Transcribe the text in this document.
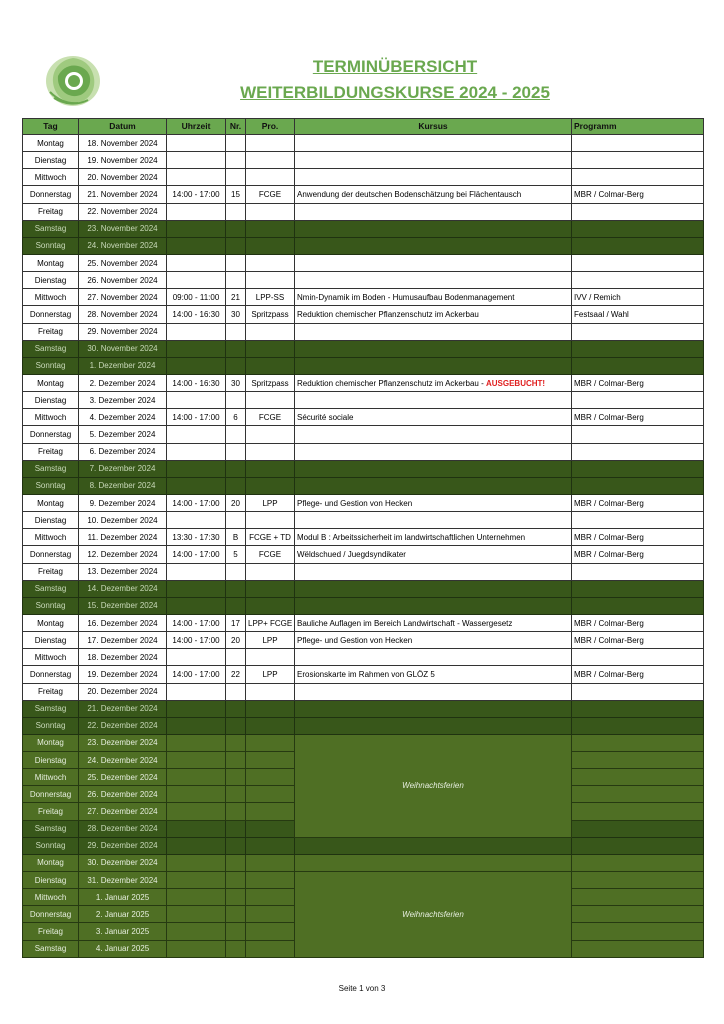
TERMINÜBERSICHT
WEITERBILDUNGSKURSE 2024 - 2025
Tag	Datum	Uhrzeit	Nr.	Pro.	Kursus	Programm
Montag	18. November 2024					
Dienstag	19. November 2024					
Mittwoch	20. November 2024					
Donnerstag	21. November 2024	14:00 - 17:00	15	FCGE	Anwendung der deutschen Bodenschätzung bei Flächentausch	MBR / Colmar-Berg
Freitag	22. November 2024					
Samstag	23. November 2024					
Sonntag	24. November 2024					
Montag	25. November 2024					
Dienstag	26. November 2024					
Mittwoch	27. November 2024	09:00 - 11:00	21	LPP-SS	Nmin-Dynamik im Boden - Humusaufbau Bodenmanagement	IVV / Remich
Donnerstag	28. November 2024	14:00 - 16:30	30	Spritzpass	Reduktion chemischer Pflanzenschutz im Ackerbau	Festsaal / Wahl
Freitag	29. November 2024					
Samstag	30. November 2024					
Sonntag	1. Dezember 2024					
Montag	2. Dezember 2024	14:00 - 16:30	30	Spritzpass	Reduktion chemischer Pflanzenschutz im Ackerbau - AUSGEBUCHT!	MBR / Colmar-Berg
Dienstag	3. Dezember 2024					
Mittwoch	4. Dezember 2024	14:00 - 17:00	6	FCGE	Sécurité sociale	MBR / Colmar-Berg
Donnerstag	5. Dezember 2024					
Freitag	6. Dezember 2024					
Samstag	7. Dezember 2024					
Sonntag	8. Dezember 2024					
Montag	9. Dezember 2024	14:00 - 17:00	20	LPP	Pflege- und Gestion von Hecken	MBR / Colmar-Berg
Dienstag	10. Dezember 2024					
Mittwoch	11. Dezember 2024	13:30 - 17:30	B	FCGE + TD	Modul B : Arbeitssicherheit im landwirtschaftlichen Unternehmen	MBR / Colmar-Berg
Donnerstag	12. Dezember 2024	14:00 - 17:00	5	FCGE	Wëldschued / Juegdsyndikater	MBR / Colmar-Berg
Freitag	13. Dezember 2024					
Samstag	14. Dezember 2024					
Sonntag	15. Dezember 2024					
Montag	16. Dezember 2024	14:00 - 17:00	17	LPP+ FCGE	Bauliche Auflagen im Bereich Landwirtschaft - Wassergesetz	MBR / Colmar-Berg
Dienstag	17. Dezember 2024	14:00 - 17:00	20	LPP	Pflege- und Gestion von Hecken	MBR / Colmar-Berg
Mittwoch	18. Dezember 2024					
Donnerstag	19. Dezember 2024	14:00 - 17:00	22	LPP	Erosionskarte im Rahmen von GLÖZ 5	MBR / Colmar-Berg
Freitag	20. Dezember 2024					
Samstag	21. Dezember 2024					
Sonntag	22. Dezember 2024					
Montag	23. Dezember 2024				Weihnachtsferien	
Dienstag	24. Dezember 2024					
Mittwoch	25. Dezember 2024					
Donnerstag	26. Dezember 2024					
Freitag	27. Dezember 2024					
Samstag	28. Dezember 2024					
Sonntag	29. Dezember 2024					
Montag	30. Dezember 2024					
Dienstag	31. Dezember 2024				Weihnachtsferien	
Mittwoch	1. Januar 2025					
Donnerstag	2. Januar 2025					
Freitag	3. Januar 2025					
Samstag	4. Januar 2025					
Seite 1 von 3
